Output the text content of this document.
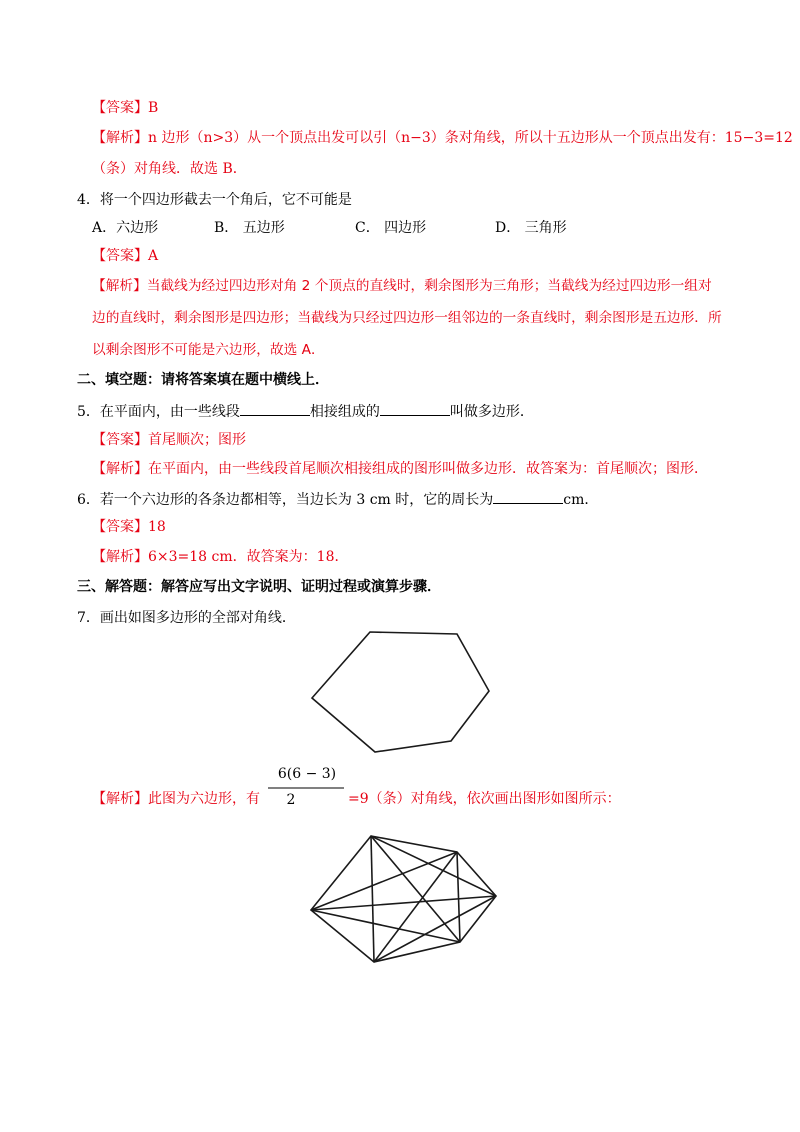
【答案】B
【解析】n 边形（n>3）从一个顶点出发可以引（n−3）条对角线，所以十五边形从一个顶点出发有：15−3=12
（条）对角线．故选 B．
4．将一个四边形截去一个角后，它不可能是
A．六边形	B． 五边形	C． 四边形	D． 三角形
【答案】A
【解析】当截线为经过四边形对角 2 个顶点的直线时，剩余图形为三角形；当截线为经过四边形一组对
边的直线时，剩余图形是四边形；当截线为只经过四边形一组邻边的一条直线时，剩余图形是五边形．所
以剩余图形不可能是六边形，故选 A．
二、填空题：请将答案填在题中横线上．
5．在平面内，由一些线段	相接组成的	叫做多边形．
【答案】首尾顺次；图形
【解析】在平面内，由一些线段首尾顺次相接组成的图形叫做多边形．故答案为：首尾顺次；图形．
6．若一个六边形的各条边都相等，当边长为 3 cm 时，它的周长为	cm．
【答案】18
【解析】6×3=18 cm．故答案为：18．
三、解答题：解答应写出文字说明、证明过程或演算步骤．
7．画出如图多边形的全部对角线．
【解析】此图为六边形，有
6(6 − 3)
2	=9（条）对角线，依次画出图形如图所示：
